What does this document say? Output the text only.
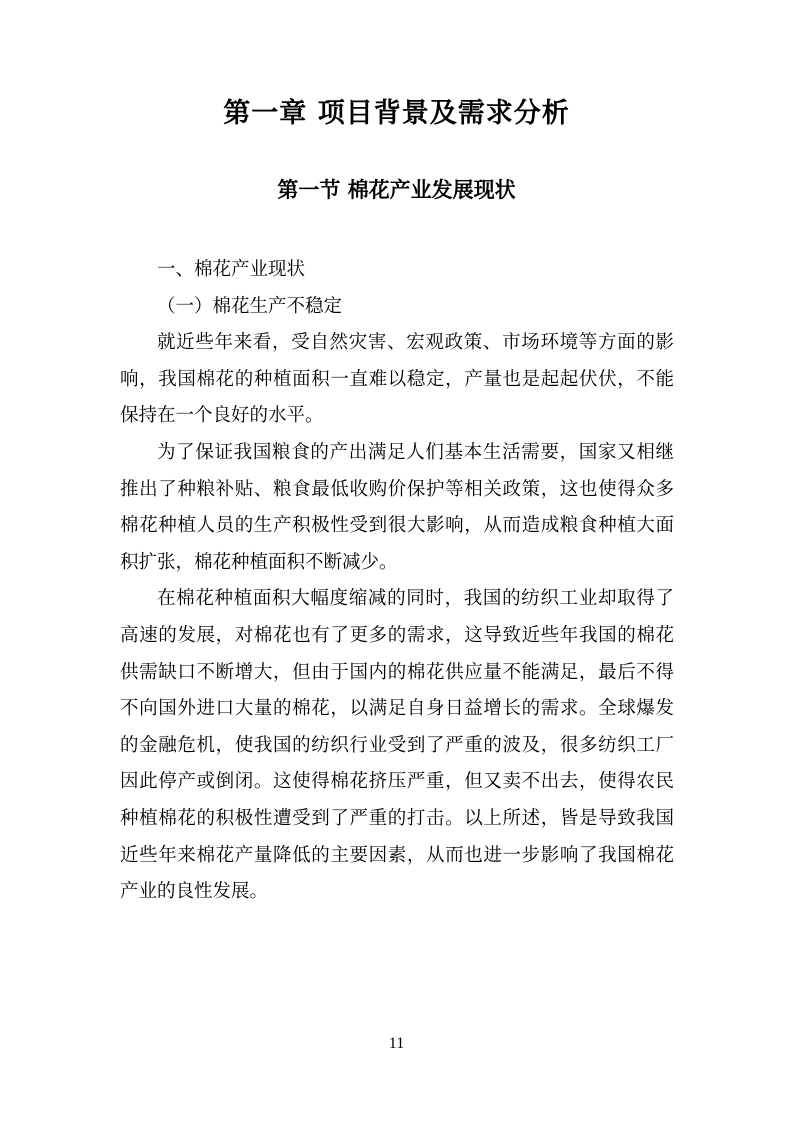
第一章 项目背景及需求分析
第一节 棉花产业发展现状

一、棉花产业现状

（一）棉花生产不稳定

就近些年来看，受自然灾害、宏观政策、市场环境等方面的影响，我国棉花的种植面积一直难以稳定，产量也是起起伏伏，不能保持在一个良好的水平。

为了保证我国粮食的产出满足人们基本生活需要，国家又相继推出了种粮补贴、粮食最低收购价保护等相关政策，这也使得众多棉花种植人员的生产积极性受到很大影响，从而造成粮食种植大面积扩张，棉花种植面积不断减少。

在棉花种植面积大幅度缩减的同时，我国的纺织工业却取得了高速的发展，对棉花也有了更多的需求，这导致近些年我国的棉花供需缺口不断增大，但由于国内的棉花供应量不能满足，最后不得不向国外进口大量的棉花，以满足自身日益增长的需求。全球爆发的金融危机，使我国的纺织行业受到了严重的波及，很多纺织工厂因此停产或倒闭。这使得棉花挤压严重，但又卖不出去，使得农民种植棉花的积极性遭受到了严重的打击。以上所述，皆是导致我国近些年来棉花产量降低的主要因素，从而也进一步影响了我国棉花产业的良性发展。

11
